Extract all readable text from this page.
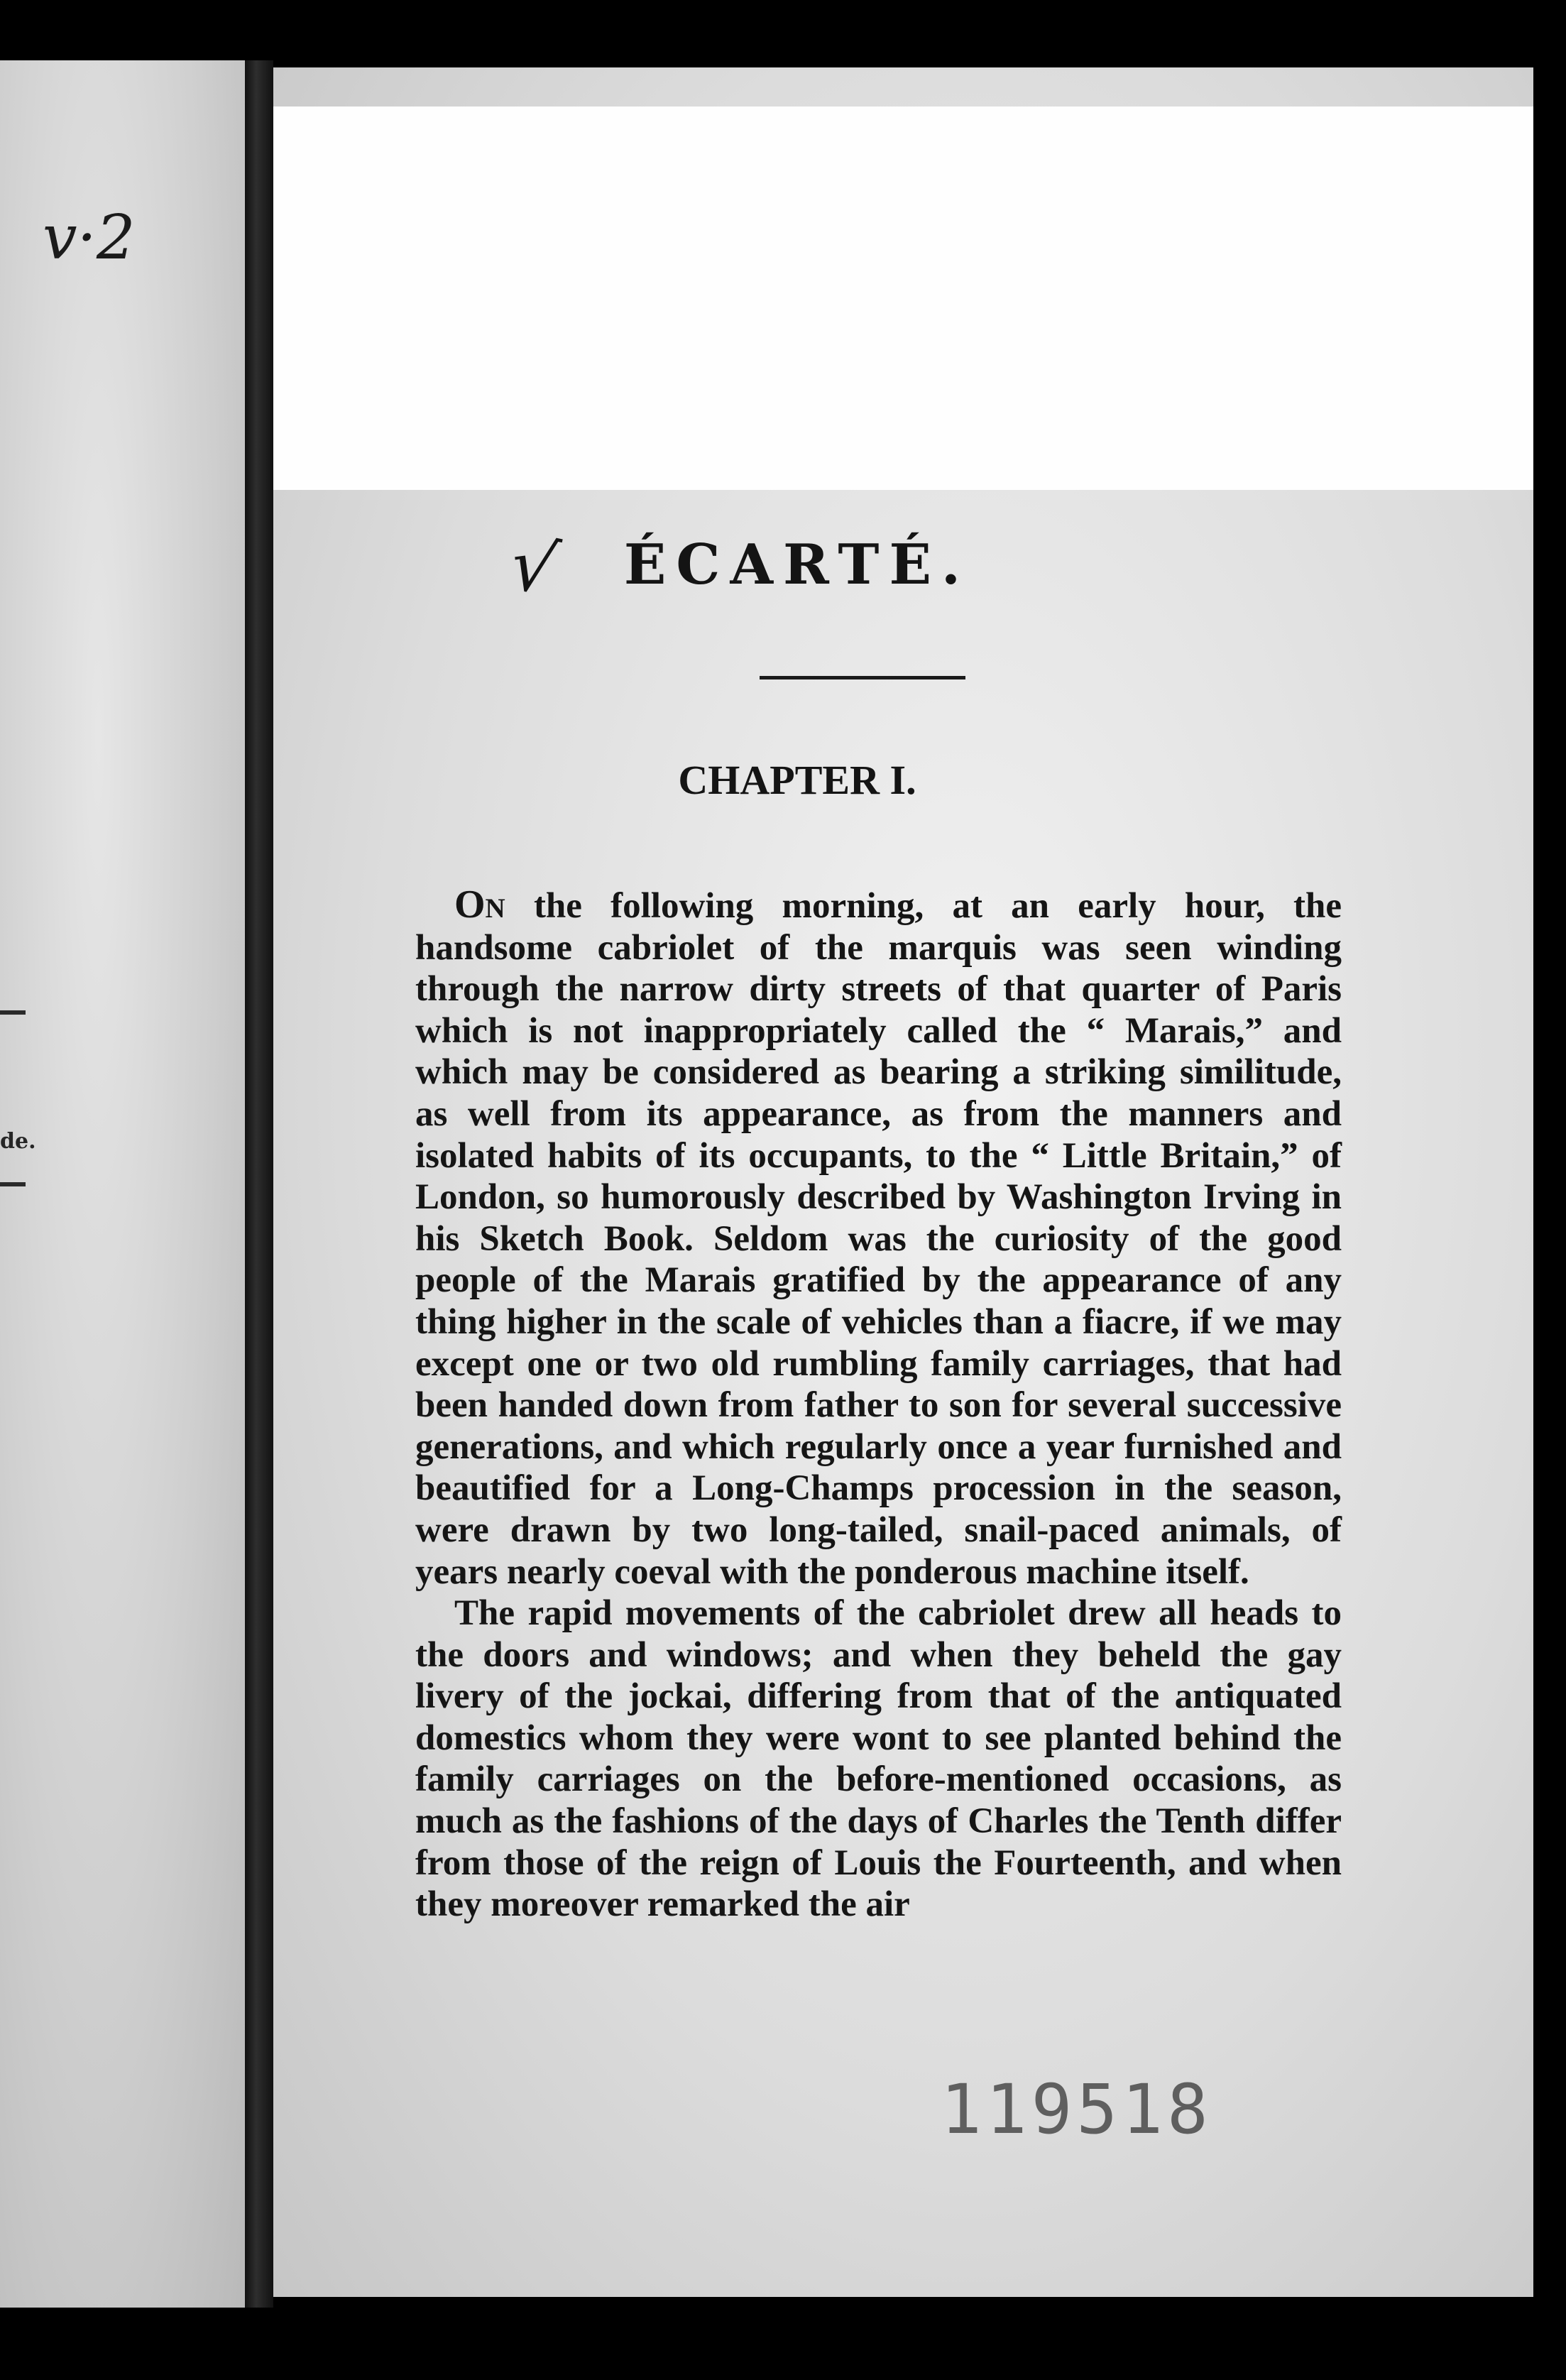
v·2
de.
√	ÉCARTÉ.
CHAPTER I.

On the following morning, at an early hour, the handsome cabriolet of the marquis was seen winding through the narrow dirty streets of that quarter of Paris which is not inappropriately called the “ Marais,” and which may be considered as bearing a striking similitude, as well from its appearance, as from the manners and isolated habits of its occupants, to the “ Little Britain,” of London, so humorously described by Washington Irving in his Sketch Book. Seldom was the curiosity of the good people of the Marais gratified by the appearance of any thing higher in the scale of vehicles than a fiacre, if we may except one or two old rumbling family carriages, that had been handed down from father to son for several successive generations, and which regularly once a year furnished and beautified for a Long-Champs procession in the season, were drawn by two long-tailed, snail-paced animals, of years nearly coeval with the ponderous machine itself.

The rapid movements of the cabriolet drew all heads to the doors and windows; and when they beheld the gay livery of the jockai, differing from that of the antiquated domestics whom they were wont to see planted behind the family carriages on the before-mentioned occasions, as much as the fashions of the days of Charles the Tenth differ from those of the reign of Louis the Fourteenth, and when they moreover remarked the air

119518
